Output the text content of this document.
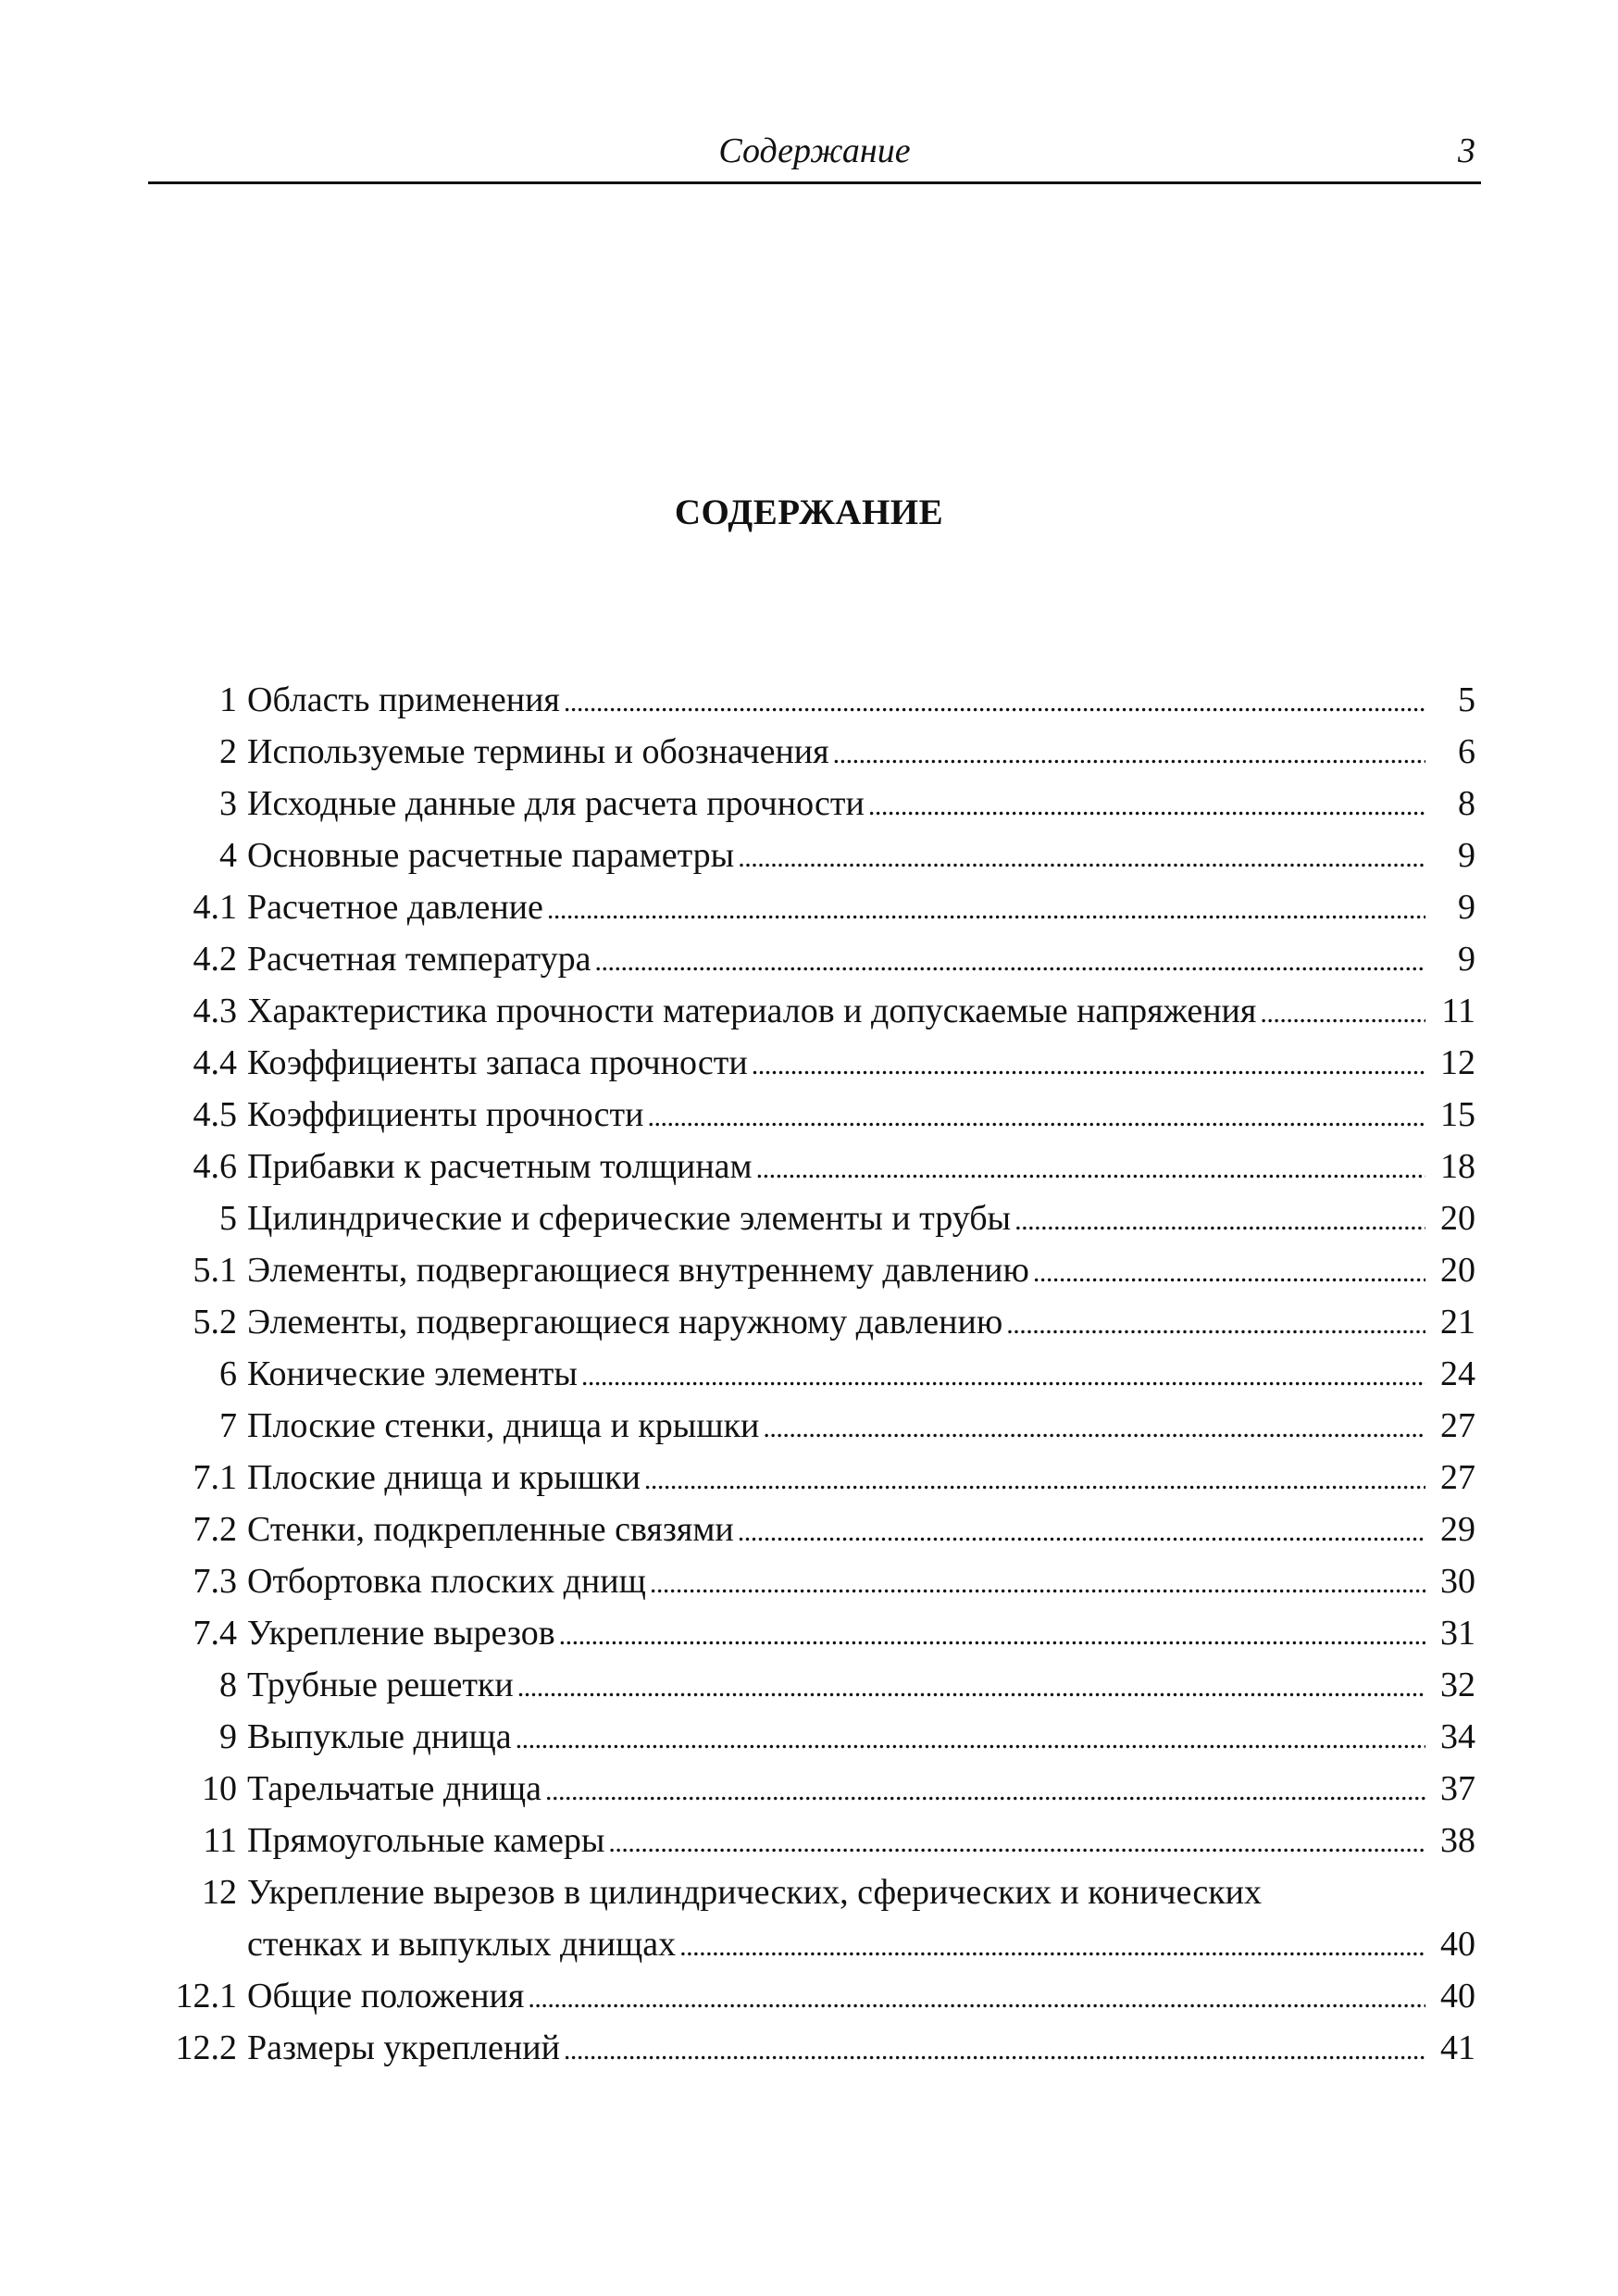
Содержание	3
СОДЕРЖАНИЕ
1 Область применения . . .	5
2 Используемые термины и обозначения . . .	6
3 Исходные данные для расчета прочности . . .	8
4 Основные расчетные параметры . . .	9
4.1 Расчетное давление . . .	9
4.2 Расчетная температура . . .	9
4.3 Характеристика прочности материалов и допускаемые напряжения . . .	11
4.4 Коэффициенты запаса прочности . . .	12
4.5 Коэффициенты прочности . . .	15
4.6 Прибавки к расчетным толщинам . . .	18
5 Цилиндрические и сферические элементы и трубы . . .	20
5.1 Элементы, подвергающиеся внутреннему давлению . . .	20
5.2 Элементы, подвергающиеся наружному давлению . . .	21
6 Конические элементы . . .	24
7 Плоские стенки, днища и крышки . . .	27
7.1 Плоские днища и крышки . . .	27
7.2 Стенки, подкрепленные связями . . .	29
7.3 Отбортовка плоских днищ . . .	30
7.4 Укрепление вырезов . . .	31
8 Трубные решетки . . .	32
9 Выпуклые днища . . .	34
10 Тарельчатые днища . . .	37
11 Прямоугольные камеры . . .	38
12 Укрепление вырезов в цилиндрических, сферических и конических
стенках и выпуклых днищах . . .	40
12.1 Общие положения . . .	40
12.2 Размеры укреплений . . .	41
